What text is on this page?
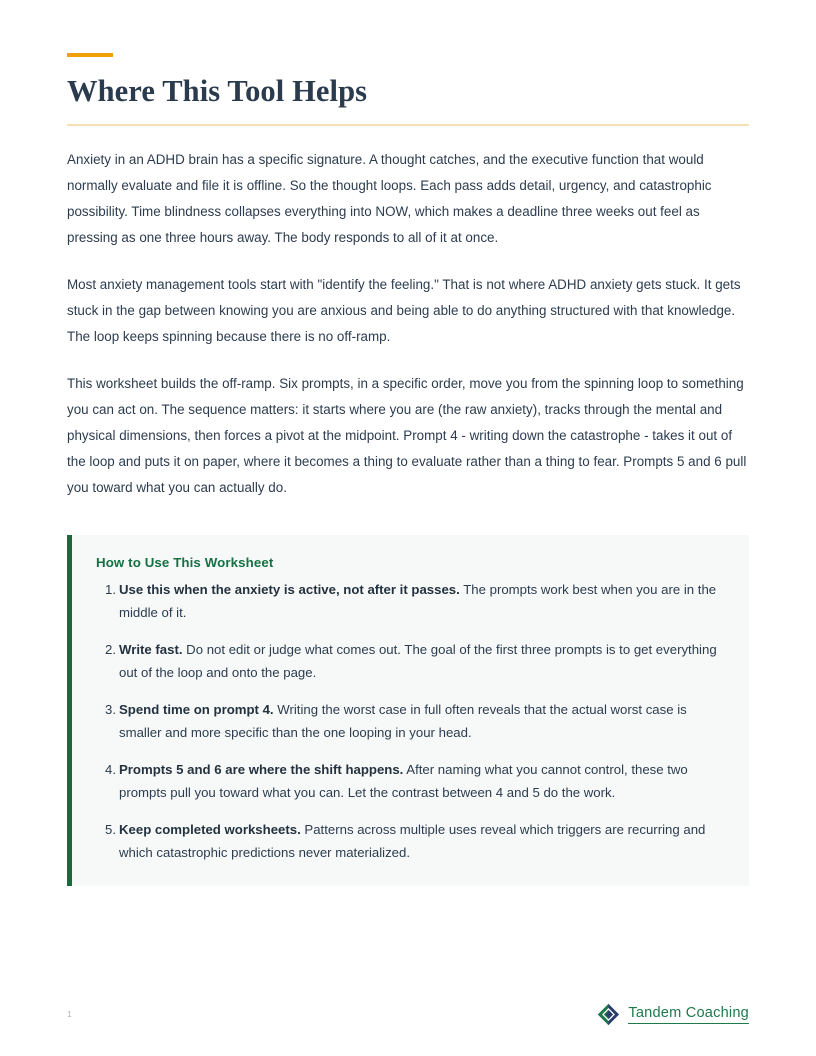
Where This Tool Helps

Anxiety in an ADHD brain has a specific signature. A thought catches, and the executive function that would normally evaluate and file it is offline. So the thought loops. Each pass adds detail, urgency, and catastrophic possibility. Time blindness collapses everything into NOW, which makes a deadline three weeks out feel as pressing as one three hours away. The body responds to all of it at once.

Most anxiety management tools start with "identify the feeling." That is not where ADHD anxiety gets stuck. It gets stuck in the gap between knowing you are anxious and being able to do anything structured with that knowledge. The loop keeps spinning because there is no off-ramp.

This worksheet builds the off-ramp. Six prompts, in a specific order, move you from the spinning loop to something you can act on. The sequence matters: it starts where you are (the raw anxiety), tracks through the mental and physical dimensions, then forces a pivot at the midpoint. Prompt 4 - writing down the catastrophe - takes it out of the loop and puts it on paper, where it becomes a thing to evaluate rather than a thing to fear. Prompts 5 and 6 pull you toward what you can actually do.

How to Use This Worksheet
Use this when the anxiety is active, not after it passes. The prompts work best when you are in the middle of it.
Write fast. Do not edit or judge what comes out. The goal of the first three prompts is to get everything out of the loop and onto the page.
Spend time on prompt 4. Writing the worst case in full often reveals that the actual worst case is smaller and more specific than the one looping in your head.
Prompts 5 and 6 are where the shift happens. After naming what you cannot control, these two prompts pull you toward what you can. Let the contrast between 4 and 5 do the work.
Keep completed worksheets. Patterns across multiple uses reveal which triggers are recurring and which catastrophic predictions never materialized.
1	Tandem Coaching
